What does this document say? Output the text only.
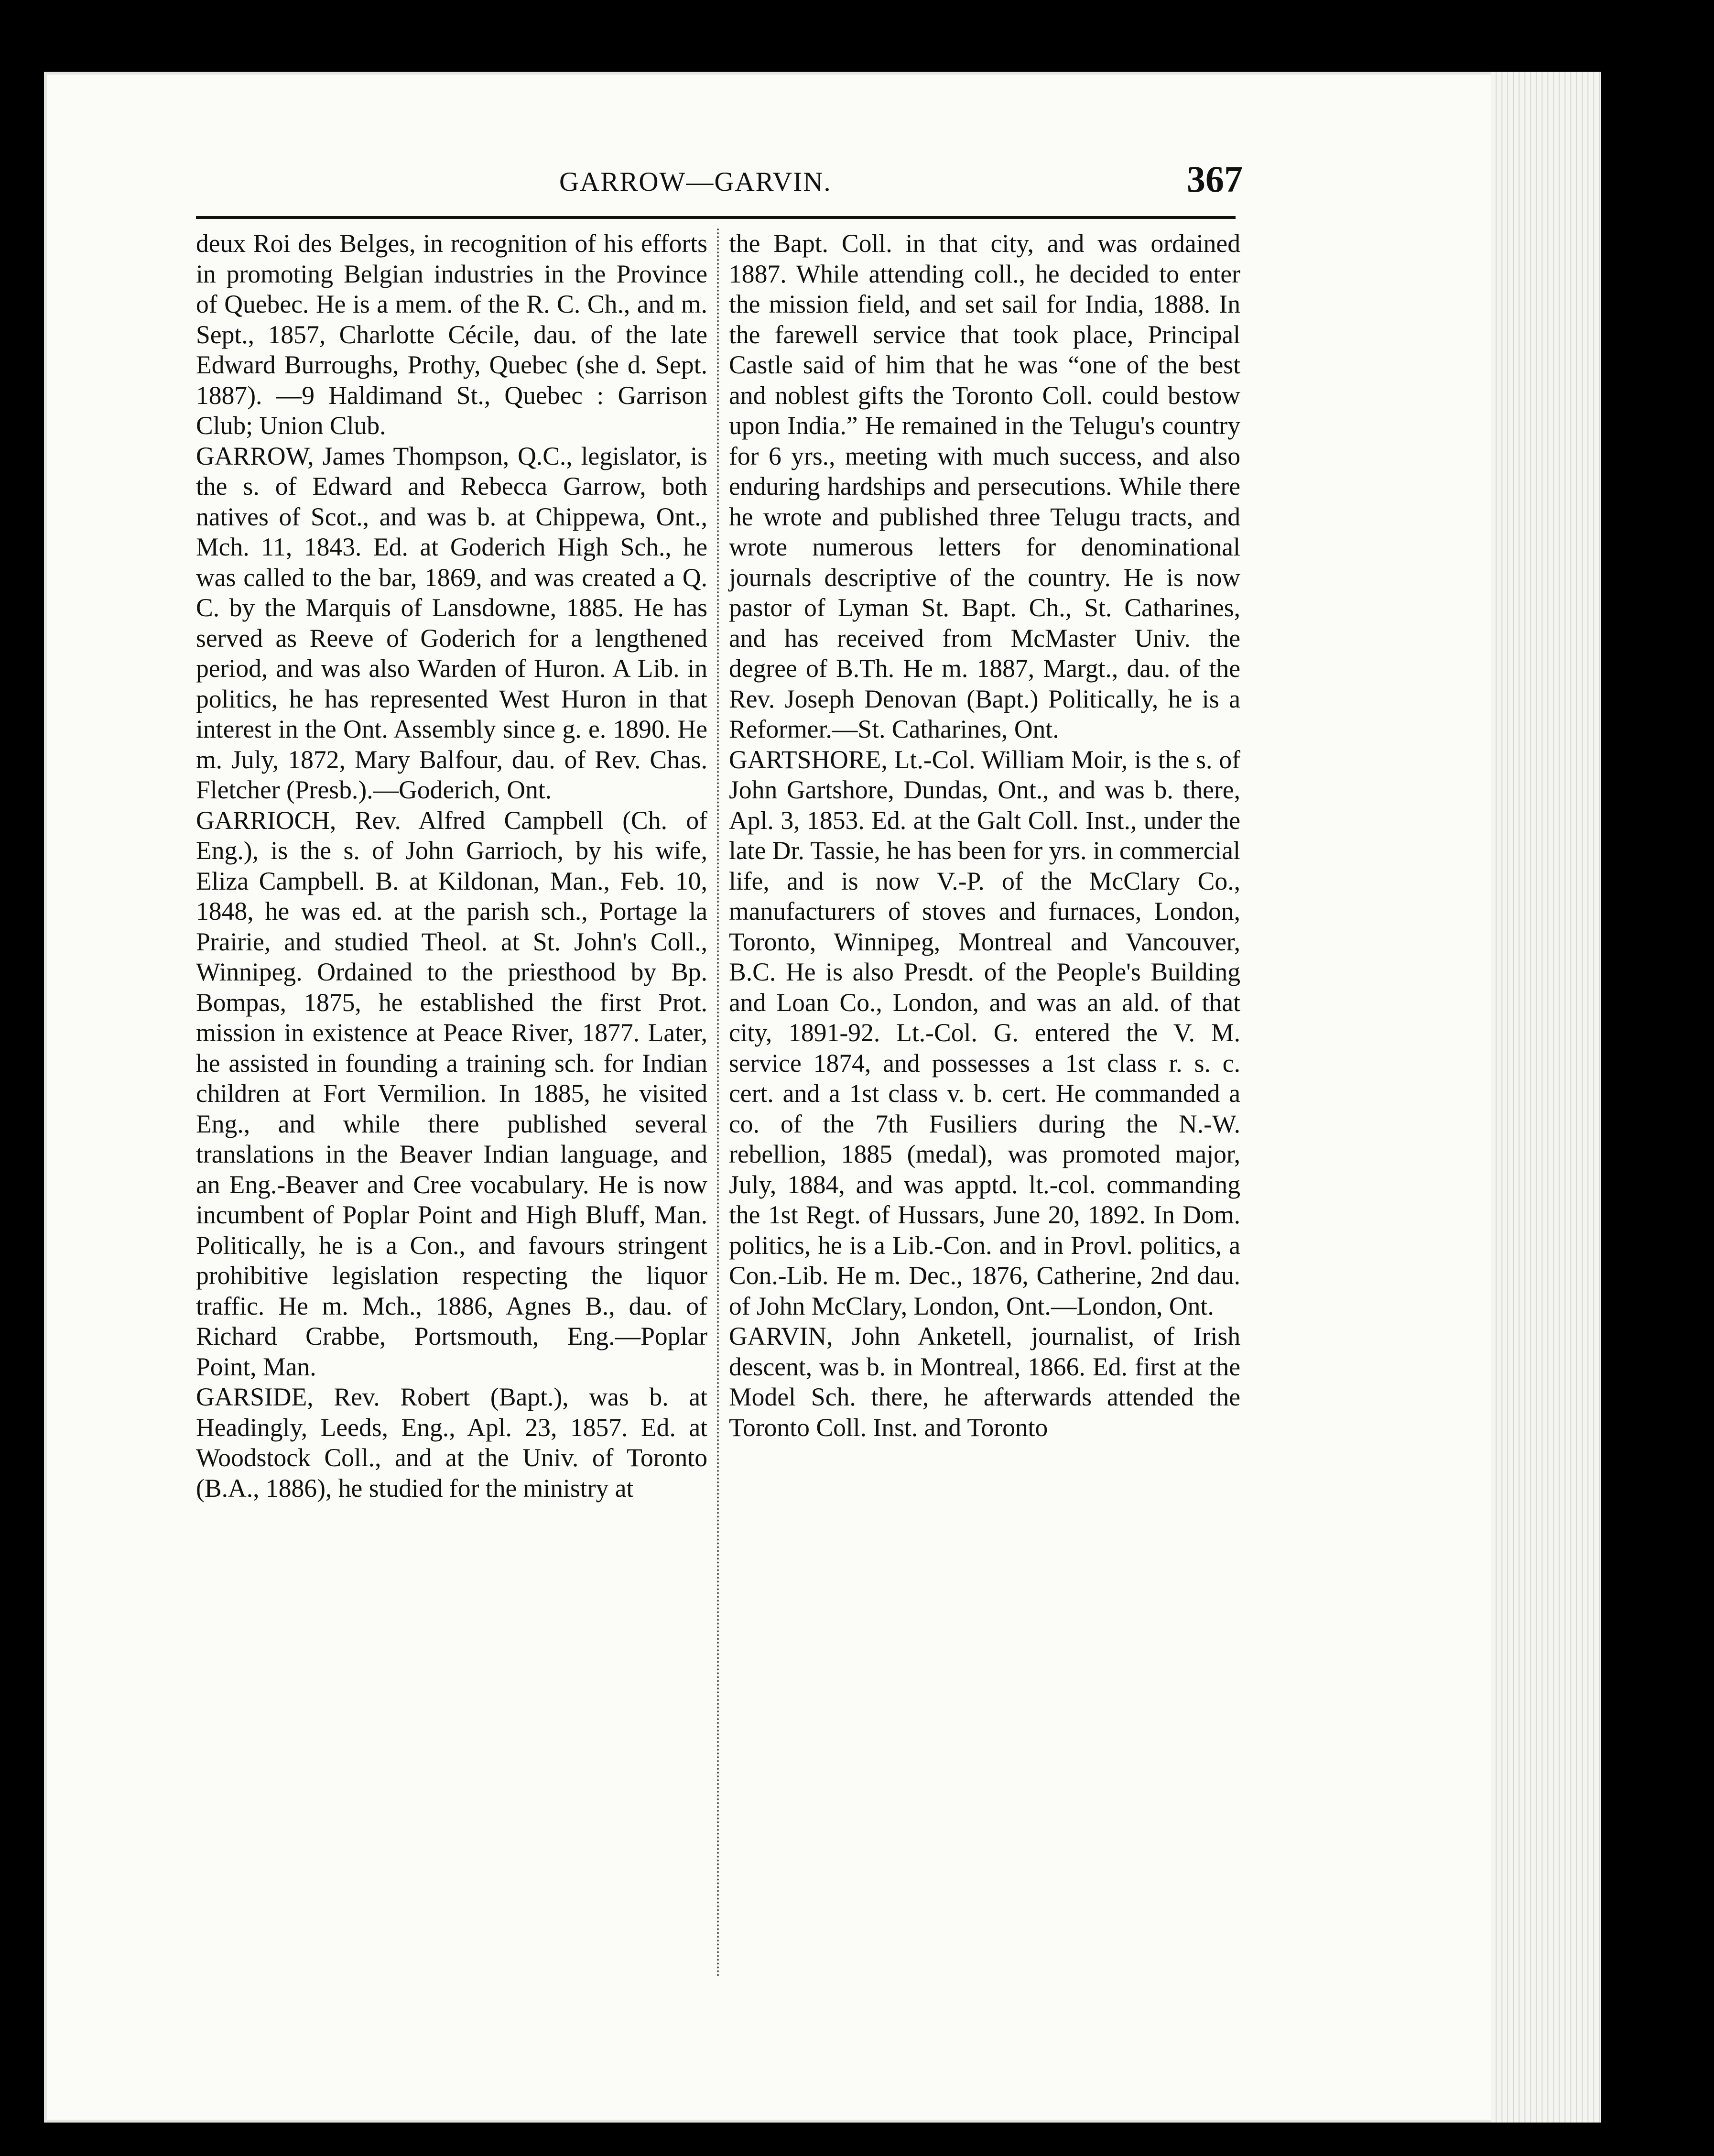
GARROW—GARVIN.	367

deux Roi des Belges, in recognition of his efforts in promoting Belgian industries in the Province of Quebec. He is a mem. of the R. C. Ch., and m. Sept., 1857, Charlotte Cécile, dau. of the late Edward Burroughs, Prothy, Quebec (she d. Sept. 1887). —9 Haldimand St., Quebec : Garrison Club; Union Club.

GARROW, James Thompson, Q.C., legislator, is the s. of Edward and Rebecca Garrow, both natives of Scot., and was b. at Chippewa, Ont., Mch. 11, 1843. Ed. at Goderich High Sch., he was called to the bar, 1869, and was created a Q. C. by the Marquis of Lansdowne, 1885. He has served as Reeve of Goderich for a lengthened period, and was also Warden of Huron. A Lib. in politics, he has represented West Huron in that interest in the Ont. Assembly since g. e. 1890. He m. July, 1872, Mary Balfour, dau. of Rev. Chas. Fletcher (Presb.).—Goderich, Ont.

GARRIOCH, Rev. Alfred Campbell (Ch. of Eng.), is the s. of John Garrioch, by his wife, Eliza Campbell. B. at Kildonan, Man., Feb. 10, 1848, he was ed. at the parish sch., Portage la Prairie, and studied Theol. at St. John's Coll., Winnipeg. Ordained to the priesthood by Bp. Bompas, 1875, he established the first Prot. mission in existence at Peace River, 1877. Later, he assisted in founding a training sch. for Indian children at Fort Vermilion. In 1885, he visited Eng., and while there published several translations in the Beaver Indian language, and an Eng.-Beaver and Cree vocabulary. He is now incumbent of Poplar Point and High Bluff, Man. Politically, he is a Con., and favours stringent prohibitive legislation respecting the liquor traffic. He m. Mch., 1886, Agnes B., dau. of Richard Crabbe, Portsmouth, Eng.—Poplar Point, Man.

GARSIDE, Rev. Robert (Bapt.), was b. at Headingly, Leeds, Eng., Apl. 23, 1857. Ed. at Woodstock Coll., and at the Univ. of Toronto (B.A., 1886), he studied for the ministry at

the Bapt. Coll. in that city, and was ordained 1887. While attending coll., he decided to enter the mission field, and set sail for India, 1888. In the farewell service that took place, Principal Castle said of him that he was “one of the best and noblest gifts the Toronto Coll. could bestow upon India.” He remained in the Telugu's country for 6 yrs., meeting with much success, and also enduring hardships and persecutions. While there he wrote and published three Telugu tracts, and wrote numerous letters for denominational journals descriptive of the country. He is now pastor of Lyman St. Bapt. Ch., St. Catharines, and has received from McMaster Univ. the degree of B.Th. He m. 1887, Margt., dau. of the Rev. Joseph Denovan (Bapt.) Politically, he is a Reformer.—St. Catharines, Ont.

GARTSHORE, Lt.-Col. William Moir, is the s. of John Gartshore, Dundas, Ont., and was b. there, Apl. 3, 1853. Ed. at the Galt Coll. Inst., under the late Dr. Tassie, he has been for yrs. in commercial life, and is now V.-P. of the McClary Co., manufacturers of stoves and furnaces, London, Toronto, Winnipeg, Montreal and Vancouver, B.C. He is also Presdt. of the People's Building and Loan Co., London, and was an ald. of that city, 1891-92. Lt.-Col. G. entered the V. M. service 1874, and possesses a 1st class r. s. c. cert. and a 1st class v. b. cert. He commanded a co. of the 7th Fusiliers during the N.-W. rebellion, 1885 (medal), was promoted major, July, 1884, and was apptd. lt.-col. commanding the 1st Regt. of Hussars, June 20, 1892. In Dom. politics, he is a Lib.-Con. and in Provl. politics, a Con.-Lib. He m. Dec., 1876, Catherine, 2nd dau. of John McClary, London, Ont.—London, Ont.

GARVIN, John Anketell, journalist, of Irish descent, was b. in Montreal, 1866. Ed. first at the Model Sch. there, he afterwards attended the Toronto Coll. Inst. and Toronto
